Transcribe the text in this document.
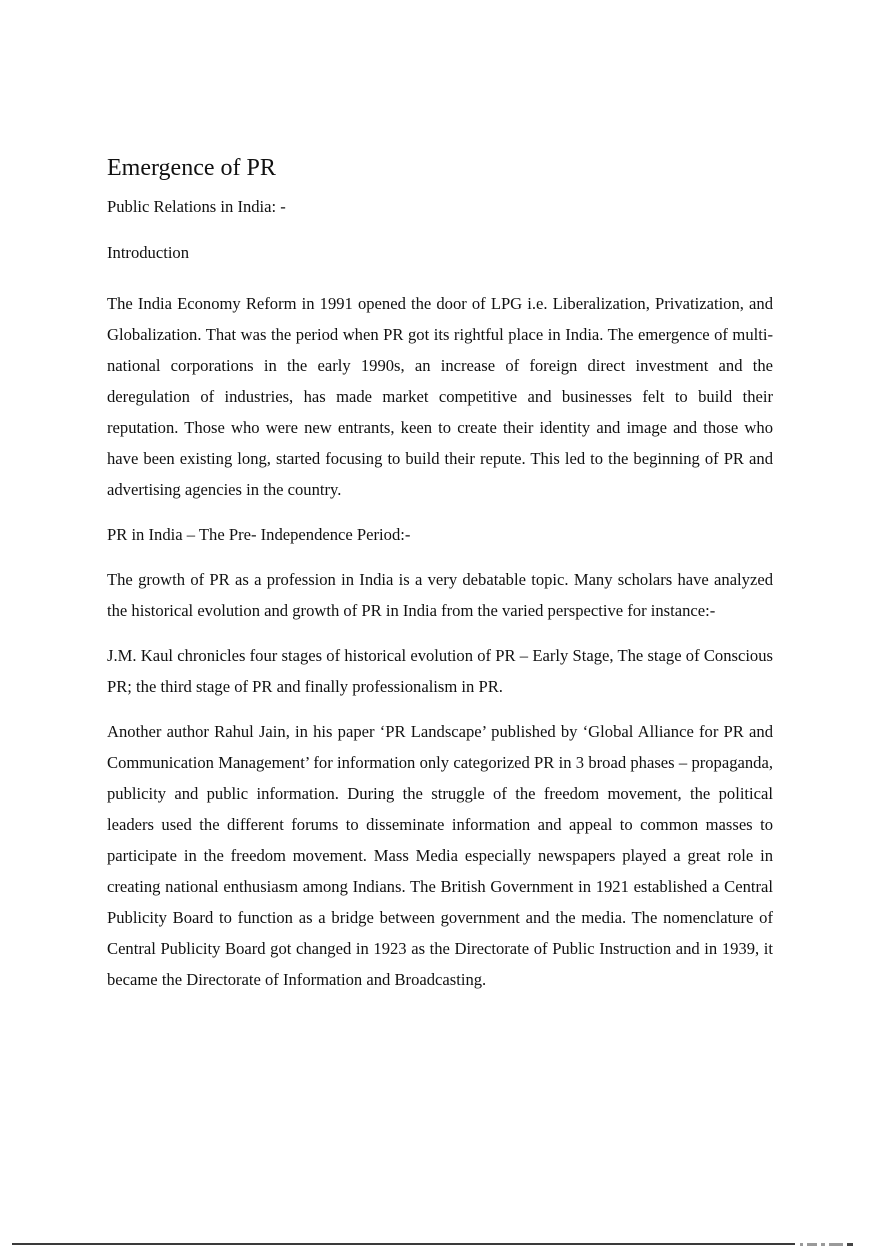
Emergence of PR

Public Relations in India: -

Introduction

The India Economy Reform in 1991 opened the door of LPG i.e. Liberalization, Privatization, and Globalization. That was the period when PR got its rightful place in India. The emergence of multi-national corporations in the early 1990s, an increase of foreign direct investment and the deregulation of industries, has made market competitive and businesses felt to build their reputation. Those who were new entrants, keen to create their identity and image and those who have been existing long, started focusing to build their repute. This led to the beginning of PR and advertising agencies in the country.

PR in India – The Pre- Independence Period:-

The growth of PR as a profession in India is a very debatable topic. Many scholars have analyzed the historical evolution and growth of PR in India from the varied perspective for instance:-

J.M. Kaul chronicles four stages of historical evolution of PR – Early Stage, The stage of Conscious PR; the third stage of PR and finally professionalism in PR.

Another author Rahul Jain, in his paper ‘PR Landscape’ published by ‘Global Alliance for PR and Communication Management’ for information only categorized PR in 3 broad phases – propaganda, publicity and public information. During the struggle of the freedom movement, the political leaders used the different forums to disseminate information and appeal to common masses to participate in the freedom movement. Mass Media especially newspapers played a great role in creating national enthusiasm among Indians. The British Government in 1921 established a Central Publicity Board to function as a bridge between government and the media. The nomenclature of Central Publicity Board got changed in 1923 as the Directorate of Public Instruction and in 1939, it became the Directorate of Information and Broadcasting.
